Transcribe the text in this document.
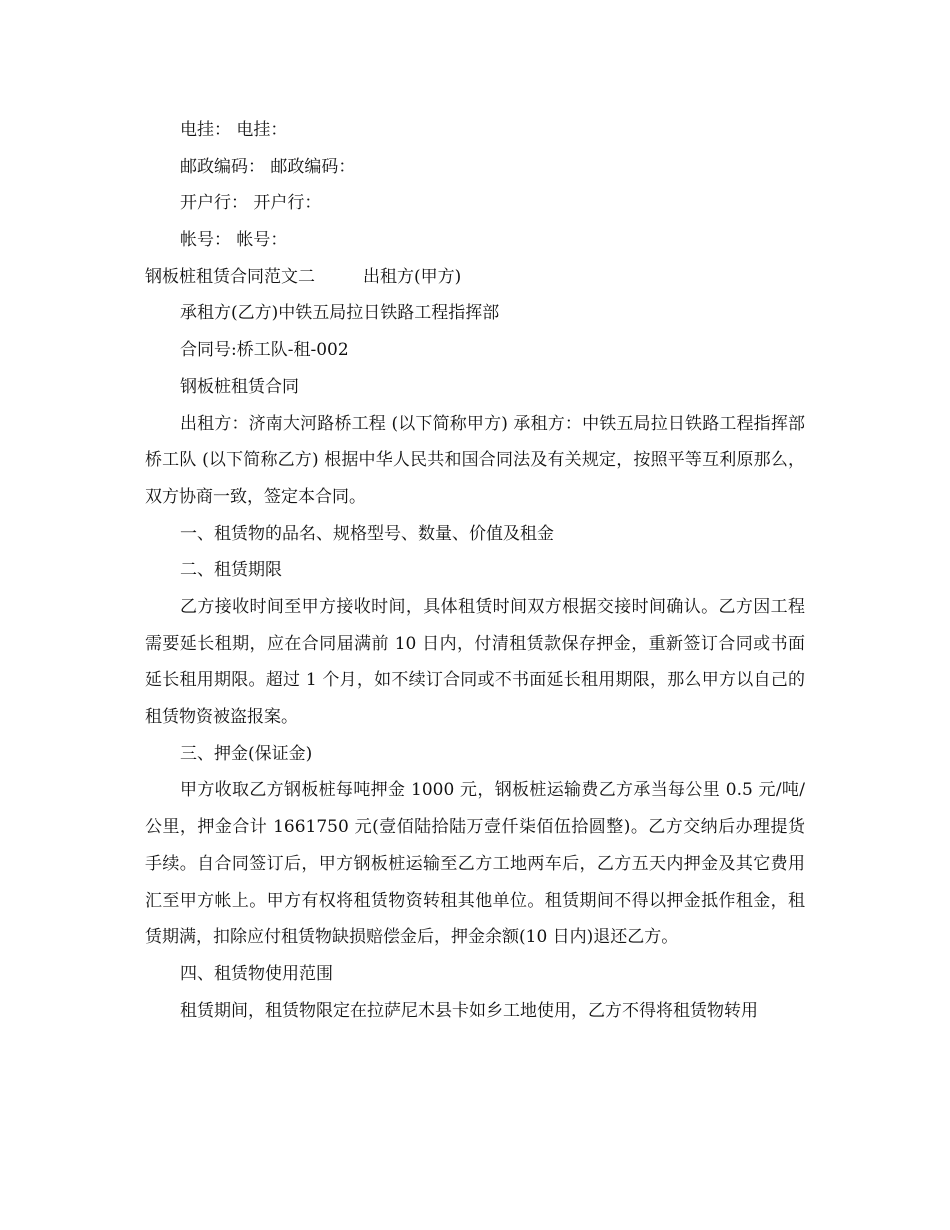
电挂： 电挂：
邮政编码： 邮政编码：
开户行： 开户行：
帐号： 帐号：
钢板桩租赁合同范文二	出租方(甲方)
承租方(乙方)中铁五局拉日铁路工程指挥部
合同号:桥工队-租-002
钢板桩租赁合同
出租方：济南大河路桥工程 (以下简称甲方) 承租方：中铁五局拉日铁路工程指挥部桥工队 (以下简称乙方) 根据中华人民共和国合同法及有关规定，按照平等互利原那么，双方协商一致，签定本合同。
一、租赁物的品名、规格型号、数量、价值及租金
二、租赁期限
乙方接收时间至甲方接收时间，具体租赁时间双方根据交接时间确认。乙方因工程需要延长租期，应在合同届满前 10 日内，付清租赁款保存押金，重新签订合同或书面延长租用期限。超过 1 个月，如不续订合同或不书面延长租用期限，那么甲方以自己的租赁物资被盗报案。
三、押金(保证金)
甲方收取乙方钢板桩每吨押金 1000 元，钢板桩运输费乙方承当每公里 0.5 元/吨/公里，押金合计 1661750 元(壹佰陆拾陆万壹仟柒佰伍拾圆整)。乙方交纳后办理提货手续。自合同签订后，甲方钢板桩运输至乙方工地两车后，乙方五天内押金及其它费用汇至甲方帐上。甲方有权将租赁物资转租其他单位。租赁期间不得以押金抵作租金，租赁期满，扣除应付租赁物缺损赔偿金后，押金余额(10 日内)退还乙方。
四、租赁物使用范围
租赁期间，租赁物限定在拉萨尼木县卡如乡工地使用，乙方不得将租赁物转用
